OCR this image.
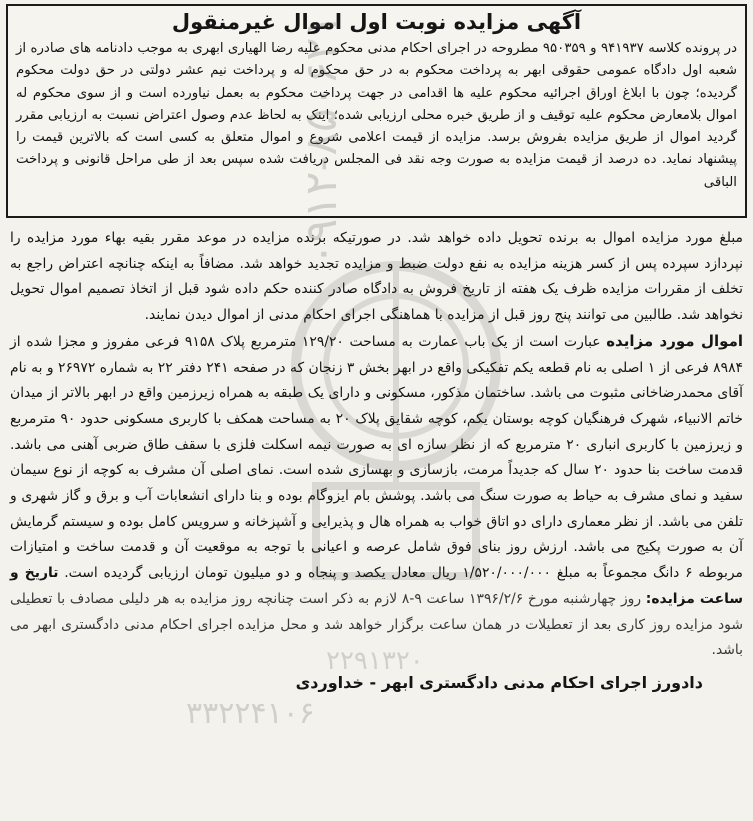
آگهی مزایده نوبت اول اموال غیرمنقول

در پرونده کلاسه ۹۴۱۹۳۷ و ۹۵۰۳۵۹ مطروحه در اجرای احکام مدنی محکوم علیه رضا الهیاری ابهری به موجب دادنامه های صادره از شعبه اول دادگاه عمومی حقوقی ابهر به پرداخت محکوم به در حق محکوم له و پرداخت نیم عشر دولتی در حق دولت محکوم گردیده؛ چون با ابلاغ اوراق اجرائیه محکوم علیه ها اقدامی در جهت پرداخت محکوم به بعمل نیاورده است و از سوی محکوم له اموال بلامعارض محکوم علیه توقیف و از طریق خبره محلی ارزیابی شده؛ اینک به لحاظ عدم وصول اعتراض نسبت به ارزیابی مقرر گردید اموال از طریق مزایده بفروش برسد. مزایده از قیمت اعلامی شروع و اموال متعلق به کسی است که بالاترین قیمت را پیشنهاد نماید. ده درصد از قیمت مزایده به صورت وجه نقد فی المجلس دریافت شده سپس بعد از طی مراحل قانونی و پرداخت الباقی

۰۹۱۲-۸۵۰۶۲۱
۲۲۹۱۳۲۰
۳۳۲۲۴۱۰۶

مبلغ مورد مزایده اموال به برنده تحویل داده خواهد شد. در صورتیکه برنده مزایده در موعد مقرر بقیه بهاء مورد مزایده را نپردازد سپرده پس از کسر هزینه مزایده به نفع دولت ضبط و مزایده تجدید خواهد شد. مضافاً به اینکه چنانچه اعتراض راجع به تخلف از مقررات مزایده ظرف یک هفته از تاریخ فروش به دادگاه صادر کننده حکم داده شود قبل از اتخاذ تصمیم اموال تحویل نخواهد شد. طالبین می توانند پنج روز قبل از مزایده با هماهنگی اجرای احکام مدنی از اموال دیدن نمایند.

اموال مورد مزایده عبارت است از یک باب عمارت به مساحت ۱۲۹/۲۰ مترمربع پلاک ۹۱۵۸ فرعی مفروز و مجزا شده از ۸۹۸۴ فرعی از ۱ اصلی به نام قطعه یکم تفکیکی واقع در ابهر بخش ۳ زنجان که در صفحه ۲۴۱ دفتر ۲۲ به شماره ۲۶۹۷۲ و به نام آقای محمدرضاخانی مثبوت می باشد. ساختمان مذکور، مسکونی و دارای یک طبقه به همراه زیرزمین واقع در ابهر بالاتر از میدان خاتم الانبیاء، شهرک فرهنگیان کوچه بوستان یکم، کوچه شقایق پلاک ۲۰ به مساحت همکف با کاربری مسکونی حدود ۹۰ مترمربع و زیرزمین با کاربری انباری ۲۰ مترمربع که از نظر سازه ای به صورت نیمه اسکلت فلزی با سقف طاق ضربی آهنی می باشد. قدمت ساخت بنا حدود ۲۰ سال که جدیداً مرمت، بازسازی و بهسازی شده است. نمای اصلی آن مشرف به کوچه از نوع سیمان سفید و نمای مشرف به حیاط به صورت سنگ می باشد. پوشش بام ایزوگام بوده و بنا دارای انشعابات آب و برق و گاز شهری و تلفن می باشد. از نظر معماری دارای دو اتاق خواب به همراه هال و پذیرایی و آشپزخانه و سرویس کامل بوده و سیستم گرمایش آن به صورت پکیج می باشد. ارزش روز بنای فوق شامل عرصه و اعیانی با توجه به موقعیت آن و قدمت ساخت و امتیازات مربوطه ۶ دانگ مجموعاً به مبلغ ۱/۵۲۰/۰۰۰/۰۰۰ ریال معادل یکصد و پنجاه و دو میلیون تومان ارزیابی گردیده است. تاریخ و ساعت مزایده: روز چهارشنبه مورخ ۱۳۹۶/۲/۶ ساعت ۹-۸ لازم به ذکر است چنانچه روز مزایده به هر دلیلی مصادف با تعطیلی شود مزایده روز کاری بعد از تعطیلات در همان ساعت برگزار خواهد شد و محل مزایده اجرای احکام مدنی دادگستری ابهر می باشد.

دادورز اجرای احکام مدنی دادگستری ابهر - خداوردی
